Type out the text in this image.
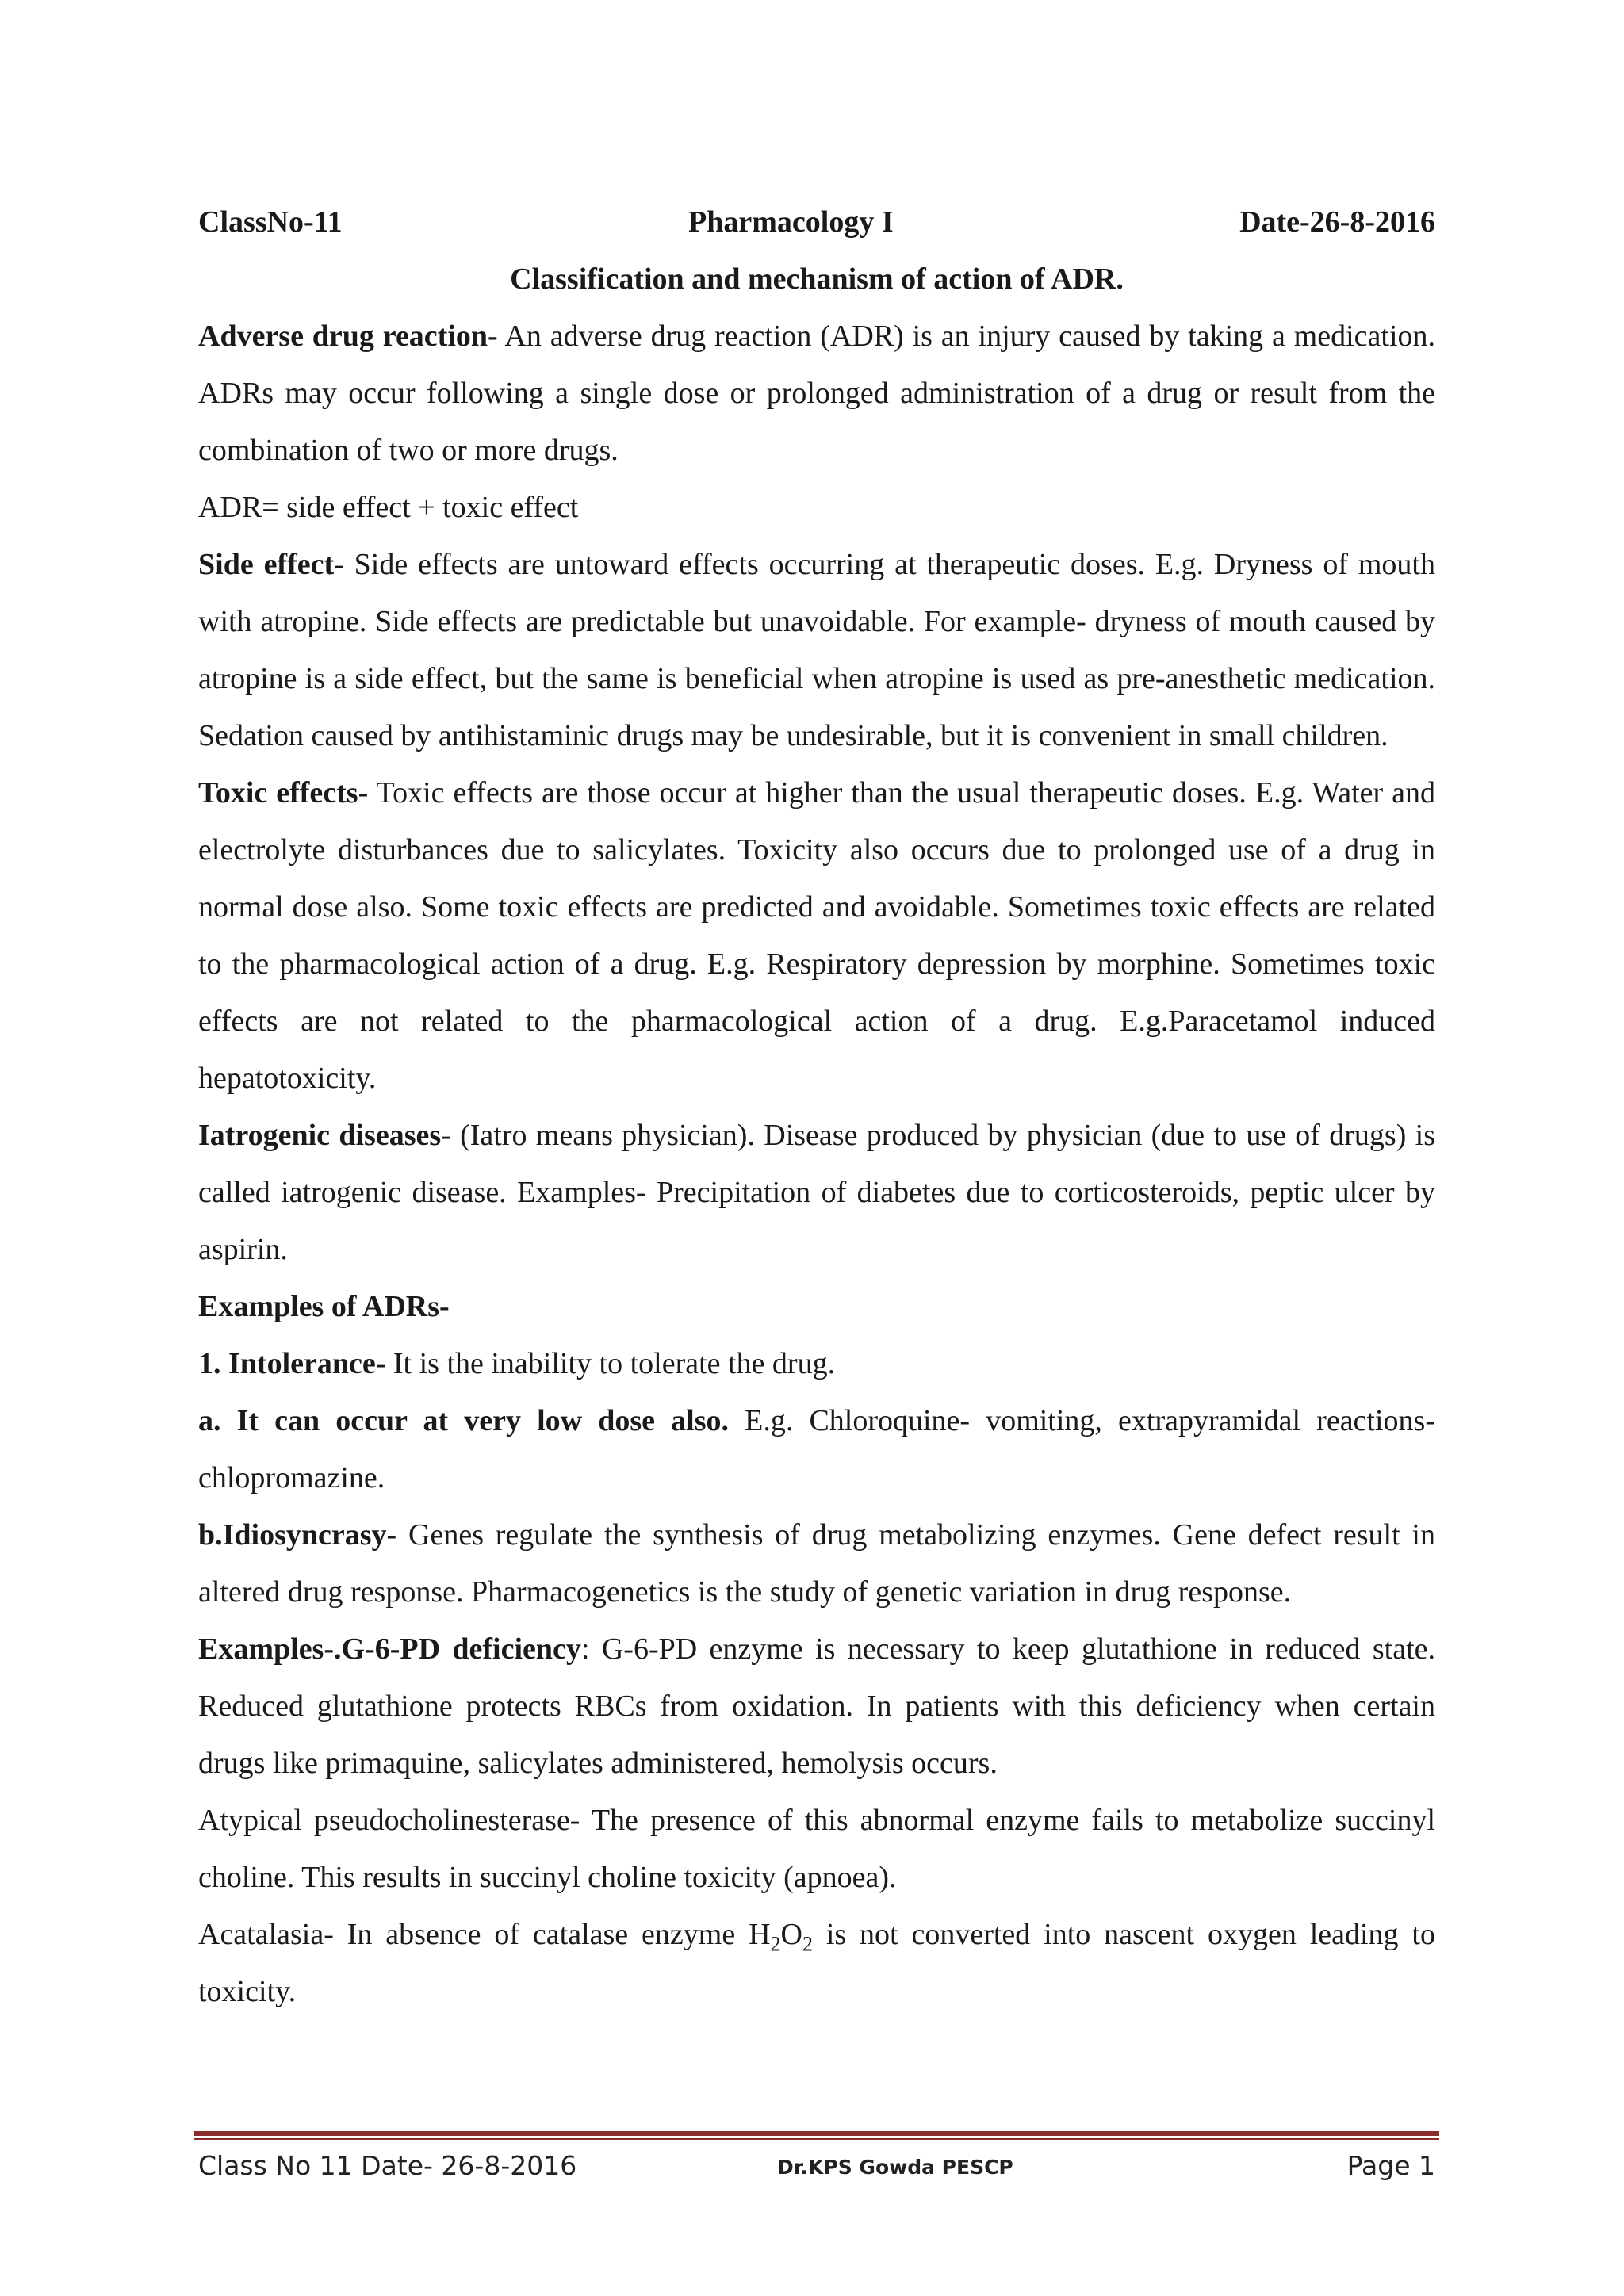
ClassNo-11	Pharmacology I	Date-26-8-2016
Classification and mechanism of action of ADR.

Adverse drug reaction- An adverse drug reaction (ADR) is an injury caused by taking a medication. ADRs may occur following a single dose or prolonged administration of a drug or result from the combination of two or more drugs.

ADR= side effect + toxic effect

Side effect- Side effects are untoward effects occurring at therapeutic doses. E.g. Dryness of mouth with atropine. Side effects are predictable but unavoidable. For example- dryness of mouth caused by atropine is a side effect, but the same is beneficial when atropine is used as pre-anesthetic medication. Sedation caused by antihistaminic drugs may be undesirable, but it is convenient in small children.

Toxic effects- Toxic effects are those occur at higher than the usual therapeutic doses. E.g. Water and electrolyte disturbances due to salicylates. Toxicity also occurs due to prolonged use of a drug in normal dose also. Some toxic effects are predicted and avoidable. Sometimes toxic effects are related to the pharmacological action of a drug. E.g. Respiratory depression by morphine. Sometimes toxic effects are not related to the pharmacological action of a drug. E.g.Paracetamol induced hepatotoxicity.

Iatrogenic diseases- (Iatro means physician). Disease produced by physician (due to use of drugs) is called iatrogenic disease. Examples- Precipitation of diabetes due to corticosteroids, peptic ulcer by aspirin.

Examples of ADRs-

1. Intolerance- It is the inability to tolerate the drug.

a. It can occur at very low dose also. E.g. Chloroquine- vomiting, extrapyramidal reactions- chlopromazine.

b.Idiosyncrasy- Genes regulate the synthesis of drug metabolizing enzymes. Gene defect result in altered drug response. Pharmacogenetics is the study of genetic variation in drug response.

Examples-.G-6-PD deficiency: G-6-PD enzyme is necessary to keep glutathione in reduced state. Reduced glutathione protects RBCs from oxidation. In patients with this deficiency when certain drugs like primaquine, salicylates administered, hemolysis occurs.

Atypical pseudocholinesterase- The presence of this abnormal enzyme fails to metabolize succinyl choline. This results in succinyl choline toxicity (apnoea).

Acatalasia- In absence of catalase enzyme $H_2O_2$ is not converted into nascent oxygen leading to toxicity.

Class No 11 Date- 26-8-2016	Dr.KPS Gowda PESCP	Page 1
